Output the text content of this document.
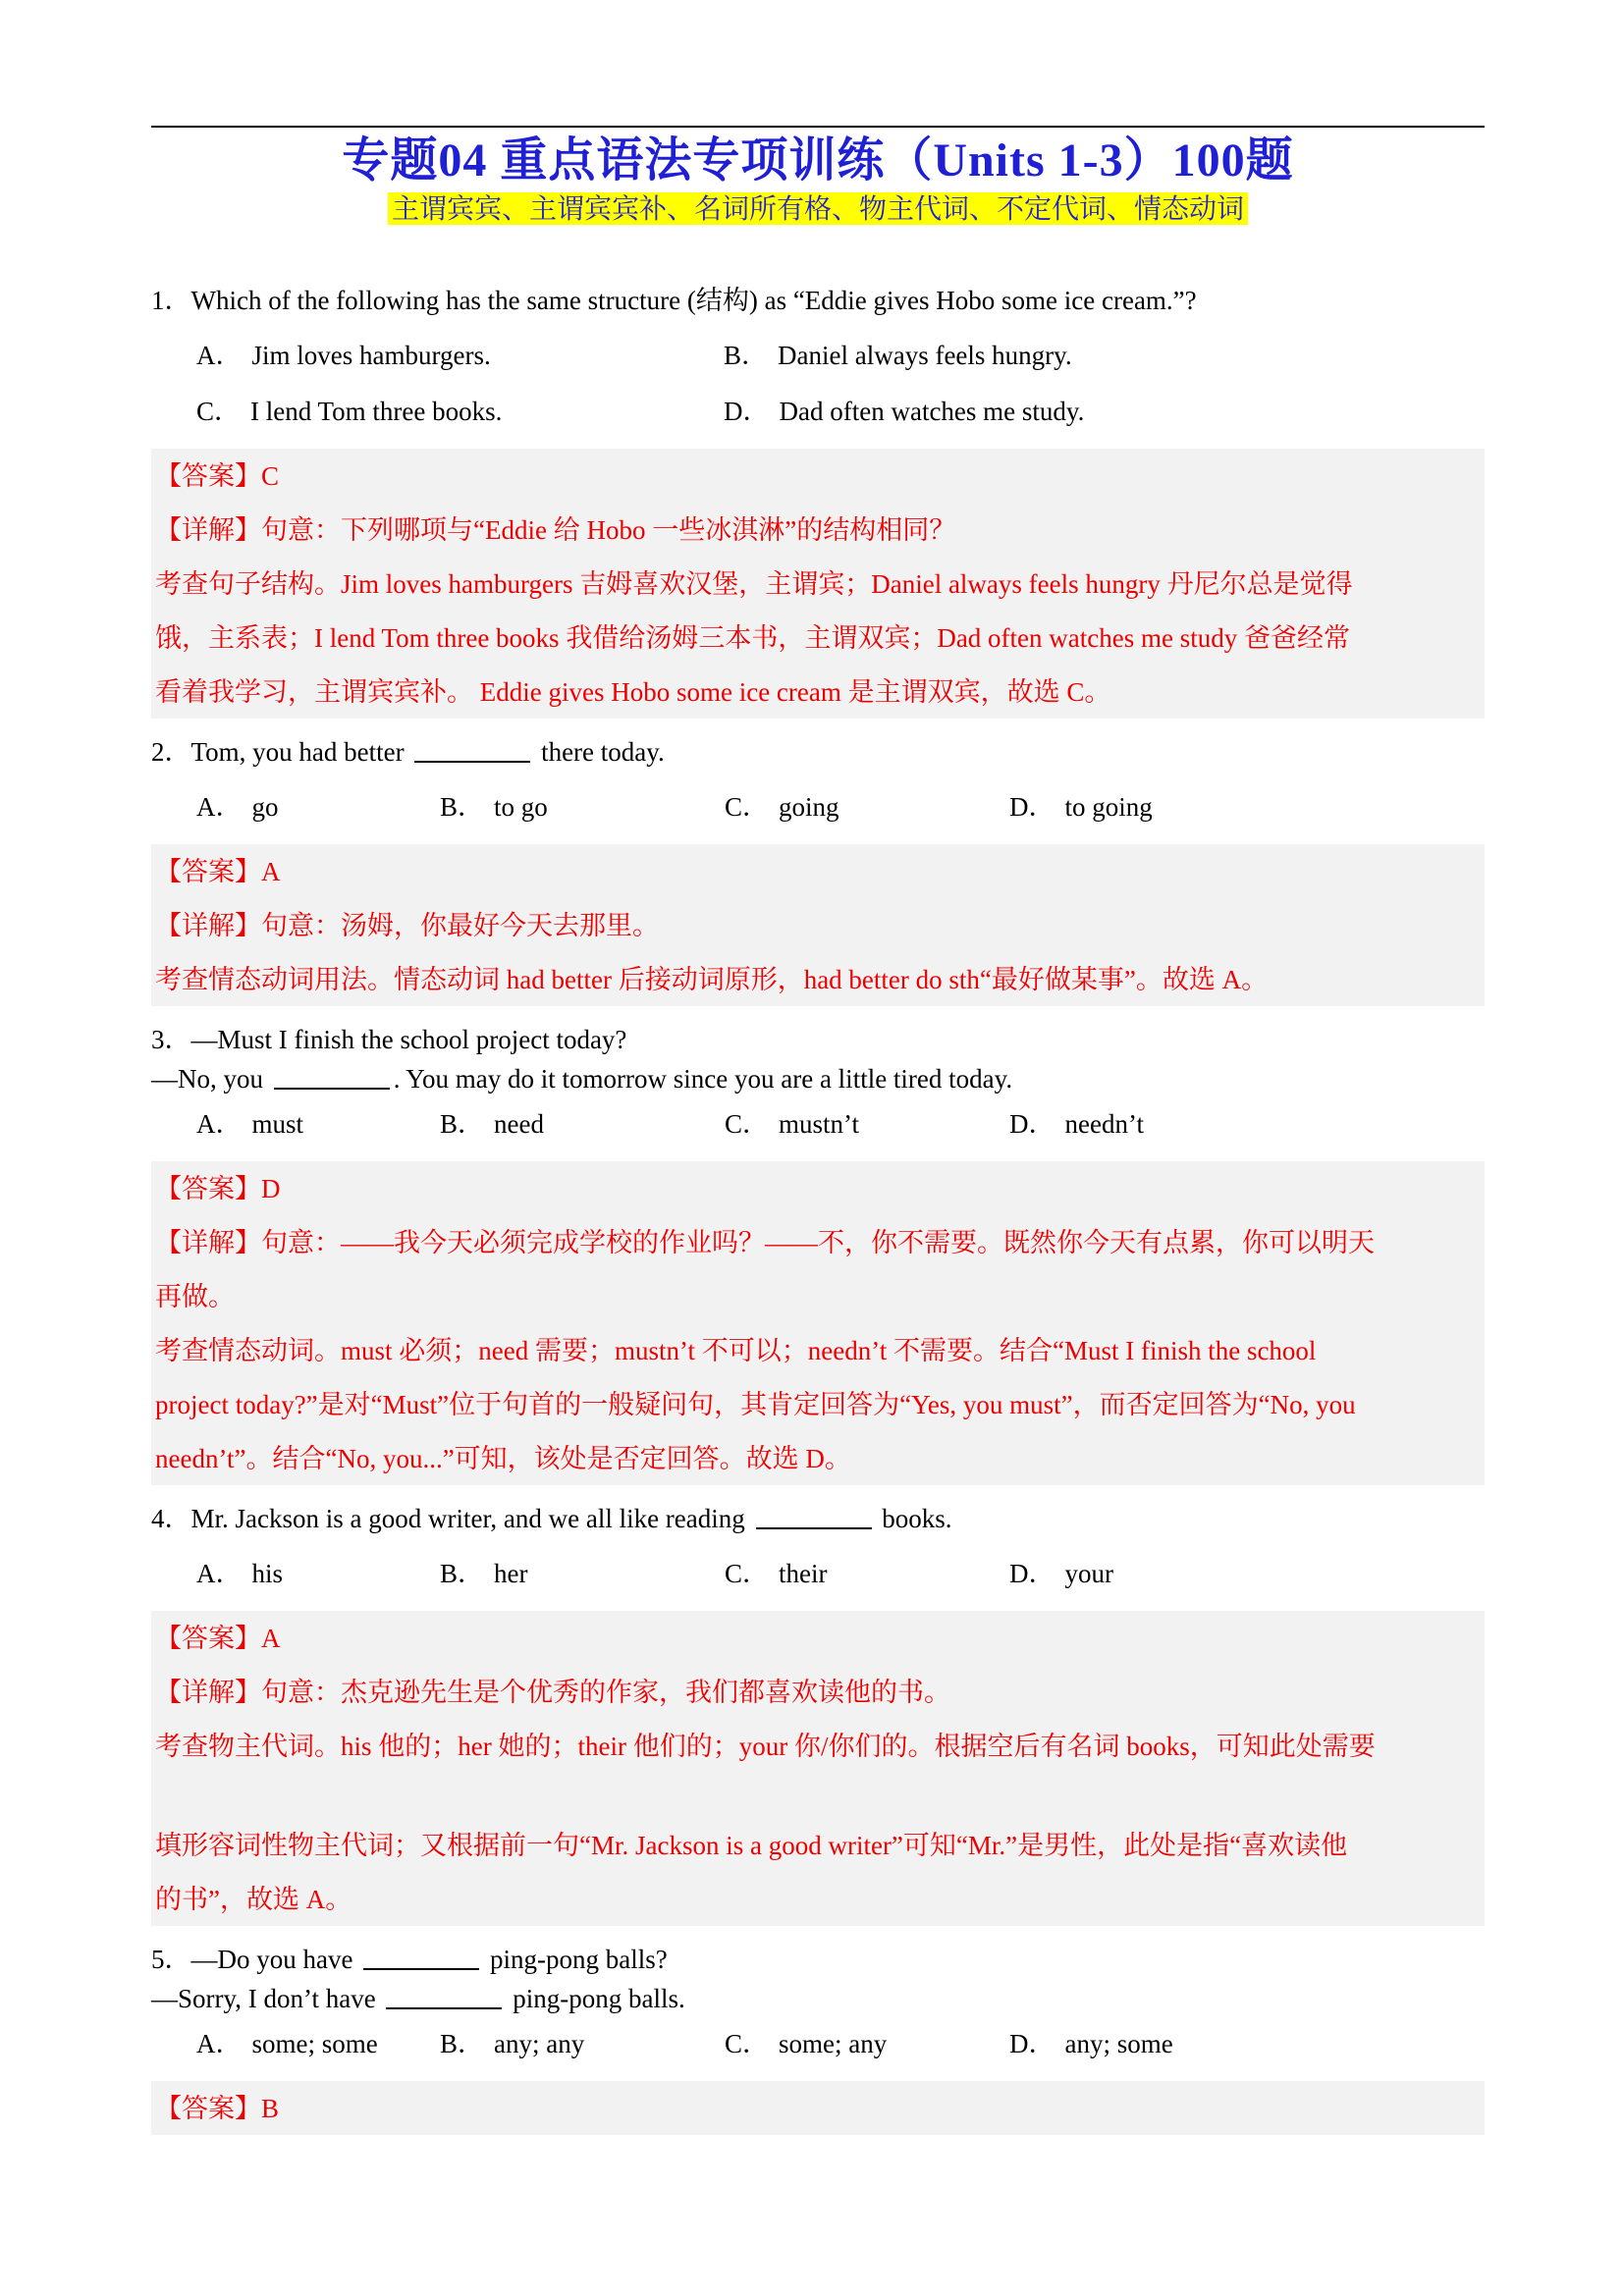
专题04 重点语法专项训练（Units 1-3）100题
主谓宾宾、主谓宾宾补、名词所有格、物主代词、不定代词、情态动词

1．Which of the following has the same structure (结构) as “Eddie gives Hobo some ice cream.”?

A． Jim loves hamburgers.	B． Daniel always feels hungry.
C． I lend Tom three books.	D． Dad often watches me study.

【答案】C

【详解】句意：下列哪项与“Eddie 给 Hobo 一些冰淇淋”的结构相同？

考查句子结构。Jim loves hamburgers 吉姆喜欢汉堡，主谓宾；Daniel always feels hungry 丹尼尔总是觉得

饿，主系表；I lend Tom three books 我借给汤姆三本书，主谓双宾；Dad often watches me study 爸爸经常

看着我学习，主谓宾宾补。 Eddie gives Hobo some ice cream 是主谓双宾，故选 C。

2．Tom, you had better	there today.

A． go	B． to go	C． going	D． to going

【答案】A

【详解】句意：汤姆，你最好今天去那里。

考查情态动词用法。情态动词 had better 后接动词原形，had better do sth“最好做某事”。故选 A。

3．—Must I finish the school project today?

—No, you	. You may do it tomorrow since you are a little tired today.

A． must	B． need	C． mustn’t	D． needn’t

【答案】D

【详解】句意：——我今天必须完成学校的作业吗？——不，你不需要。既然你今天有点累，你可以明天

再做。

考查情态动词。must 必须；need 需要；mustn’t 不可以；needn’t 不需要。结合“Must I finish the school

project today?”是对“Must”位于句首的一般疑问句，其肯定回答为“Yes, you must”，而否定回答为“No, you

needn’t”。结合“No, you...”可知，该处是否定回答。故选 D。

4．Mr. Jackson is a good writer, and we all like reading	books.

A． his	B． her	C． their	D． your

【答案】A

【详解】句意：杰克逊先生是个优秀的作家，我们都喜欢读他的书。

考查物主代词。his 他的；her 她的；their 他们的；your 你/你们的。根据空后有名词 books，可知此处需要

填形容词性物主代词；又根据前一句“Mr. Jackson is a good writer”可知“Mr.”是男性，此处是指“喜欢读他

的书”，故选 A。

5．—Do you have	ping-pong balls?

—Sorry, I don’t have	ping-pong balls.

A． some; some	B． any; any	C． some; any	D． any; some

【答案】B
